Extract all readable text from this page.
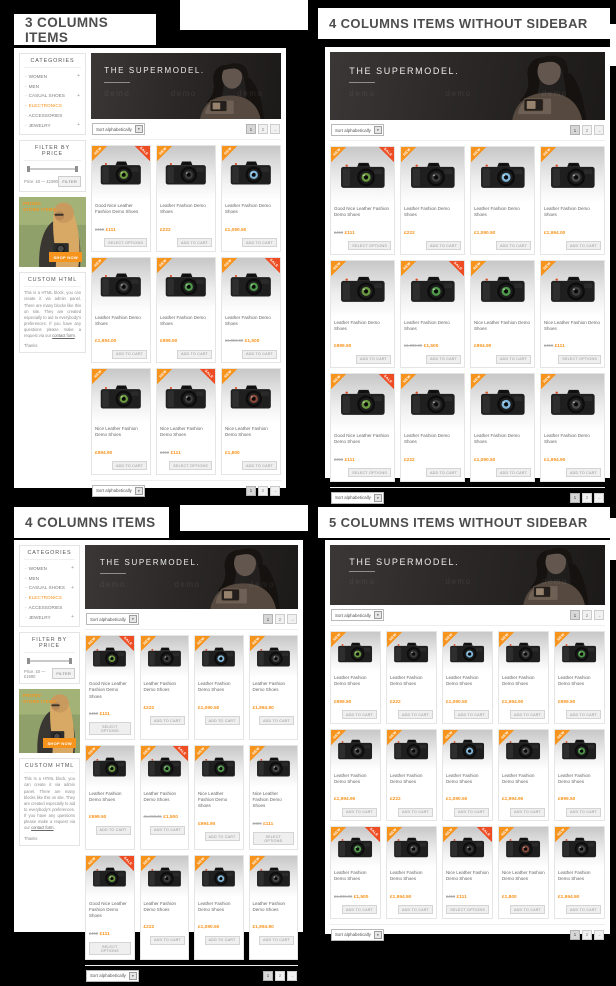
3 COLUMNS ITEMS
4 COLUMNS ITEMS WITHOUT SIDEBAR
4 COLUMNS ITEMS	5 COLUMNS ITEMS WITHOUT SIDEBAR
CATEGORIES
- WOMEN	+
- MEN
- CASUAL SHOES +
- ELECTRONICS
- ACCESSORIES
- JEWELRY	+
FILTER BY PRICE
Price: £0 — £1990	FILTER
PROMO
STORE ITEMS
SHOP NOW
CUSTOM HTML

This is a HTML block, you can create it via admin panel. There are many blocks like this on site. They are created especially to aid to everybody's preferences. If you have any questions please make a request via our contact form.

Thanks

demo	demo	demo
THE SUPERMODEL.
Sort alphabetically	▾	1	2	→
NEW	SALE
Good Nice Leather Fashion Demo Shoes
£450 £111
SELECT OPTIONS
NEW
Leather Fashion Demo Shoes
£222
ADD TO CART
NEW
Leather Fashion Demo Shoes
£1,090.50
ADD TO CART
NEW
Leather Fashion Demo Shoes
£1,994.00
ADD TO CART
NEW
Leather Fashion Demo Shoes
£999.50
ADD TO CART
NEW	SALE
Leather Fashion Demo Shoes
£1,890.00 £1,500
ADD TO CART
NEW
Nice Leather Fashion Demo Shoes
£994.90
ADD TO CART
NEW	SALE
Nice Leather Fashion Demo Shoes
£450 £111
SELECT OPTIONS
NEW
Nice Leather Fashion Demo Shoes
£1,800
ADD TO CART
Sort alphabetically	▾	1	2	→
demo	demo	demo
THE SUPERMODEL.
Sort alphabetically	▾	1	2	→
NEW	SALE
Good Nice Leather Fashion Demo Shoes
£450 £111
SELECT OPTIONS
NEW
Leather Fashion Demo Shoes
£222
ADD TO CART
NEW
Leather Fashion Demo Shoes
£1,090.50
ADD TO CART
NEW
Leather Fashion Demo Shoes
£1,994.00
ADD TO CART
NEW
Leather Fashion Demo Shoes
£999.50
ADD TO CART
NEW	SALE
Leather Fashion Demo Shoes
£1,890.00 £1,500
ADD TO CART
NEW
Nice Leather Fashion Demo Shoes
£994.90
ADD TO CART
NEW
Nice Leather Fashion Demo Shoes
£450 £111
SELECT OPTIONS
NEW	SALE
Good Nice Leather Fashion Demo Shoes
£450 £111
SELECT OPTIONS
NEW
Leather Fashion Demo Shoes
£222
ADD TO CART
NEW
Leather Fashion Demo Shoes
£1,090.50
ADD TO CART
NEW
Leather Fashion Demo Shoes
£1,994.90
ADD TO CART
Sort alphabetically	▾	1	2	→
CATEGORIES
- WOMEN	+
- MEN
- CASUAL SHOES +
- ELECTRONICS
- ACCESSORIES
- JEWELRY	+
FILTER BY PRICE
Price: £0 — £1990	FILTER
PROMO
STORE ITEMS
SHOP NOW
CUSTOM HTML

This is a HTML block, you can create it via admin panel. There are many blocks like this on site. They are created especially to aid to everybody's preferences. If you have any questions please make a request via our contact form.

Thanks

demo	demo	demo
THE SUPERMODEL.
Sort alphabetically	▾	1	2	→
NEW	SALE
Good Nice Leather Fashion Demo Shoes
£450 £111
SELECT OPTIONS
NEW
Leather Fashion Demo Shoes
£222
ADD TO CART
NEW
Leather Fashion Demo Shoes
£1,090.50
ADD TO CART
NEW
Leather Fashion Demo Shoes
£1,994.90
ADD TO CART
NEW
Leather Fashion Demo Shoes
£999.50
ADD TO CART
NEW	SALE
Leather Fashion Demo Shoes
£1,890.00 £1,500
ADD TO CART
NEW
Nice Leather Fashion Demo Shoes
£994.90
ADD TO CART
NEW
Nice Leather Fashion Demo Shoes
£450 £111
SELECT OPTIONS
NEW	SALE
Good Nice Leather Fashion Demo Shoes
£450 £111
SELECT OPTIONS
NEW
Leather Fashion Demo Shoes
£222
ADD TO CART
NEW
Leather Fashion Demo Shoes
£1,090.50
ADD TO CART
NEW
Leather Fashion Demo Shoes
£1,994.90
ADD TO CART
Sort alphabetically	▾	1	2	→
demo	demo	demo
THE SUPERMODEL.
Sort alphabetically	▾	1	2	→
NEW
Leather Fashion Demo Shoes
£999.50
ADD TO CART
NEW
Leather Fashion Demo Shoes
£222
ADD TO CART
NEW
Leather Fashion Demo Shoes
£1,090.50
ADD TO CART
NEW
Leather Fashion Demo Shoes
£1,994.90
ADD TO CART
NEW
Leather Fashion Demo Shoes
£999.50
ADD TO CART
NEW
Leather Fashion Demo Shoes
£1,994.90
ADD TO CART
NEW
Leather Fashion Demo Shoes
£222
ADD TO CART
NEW
Leather Fashion Demo Shoes
£1,090.50
ADD TO CART
NEW
Leather Fashion Demo Shoes
£1,994.90
ADD TO CART
NEW
Leather Fashion Demo Shoes
£999.50
ADD TO CART
NEW	SALE
Leather Fashion Demo Shoes
£1,890.00 £1,500
ADD TO CART
NEW
Leather Fashion Demo Shoes
£1,994.90
ADD TO CART
NEW	SALE
Nice Leather Fashion Demo Shoes
£450 £111
SELECT OPTIONS
NEW
Nice Leather Fashion Demo Shoes
£1,800
ADD TO CART
NEW
Leather Fashion Demo Shoes
£1,994.90
ADD TO CART
Sort alphabetically	▾	1	2	→
